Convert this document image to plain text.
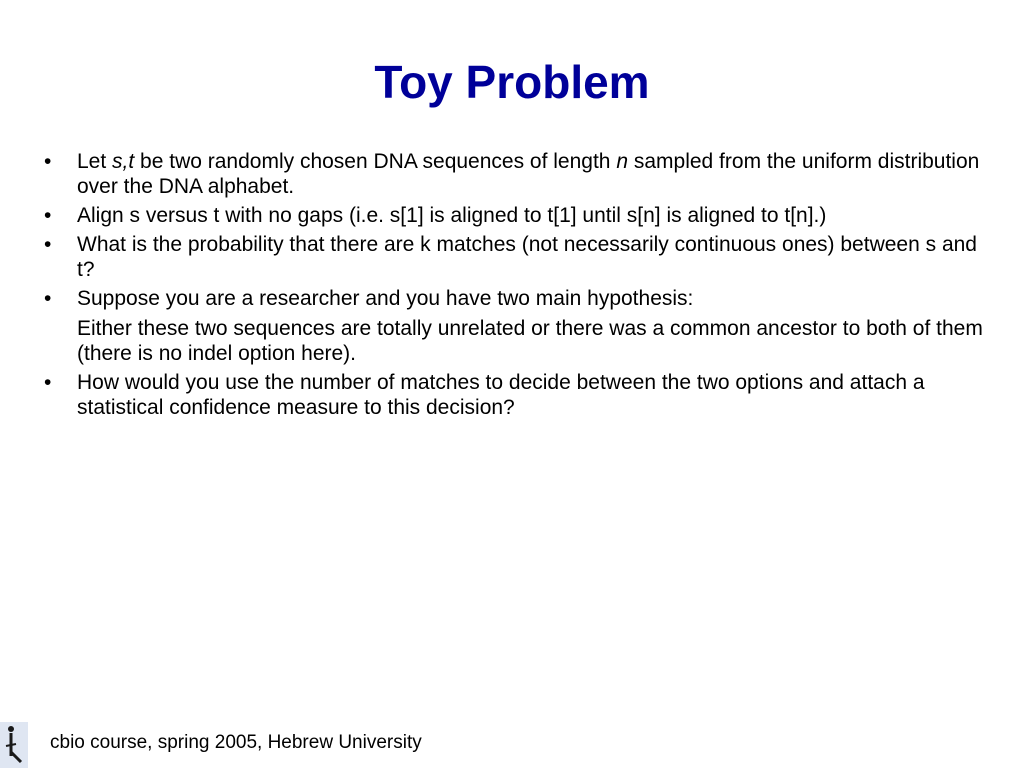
Toy Problem
•	Let s,t be two randomly chosen DNA sequences of length n sampled from the uniform distribution over the DNA alphabet.
•	Align s versus t with no gaps (i.e. s[1] is aligned to t[1] until s[n] is aligned to t[n].)
•	What is the probability that there are k matches (not necessarily continuous ones) between s and t?
•	Suppose you are a researcher and you have two main hypothesis:
Either these two sequences are totally unrelated or there was a common ancestor to both of them (there is no indel option here).
•	How would you use the number of matches to decide between the two options and attach a statistical confidence measure to this decision?
cbio course, spring 2005, Hebrew University
